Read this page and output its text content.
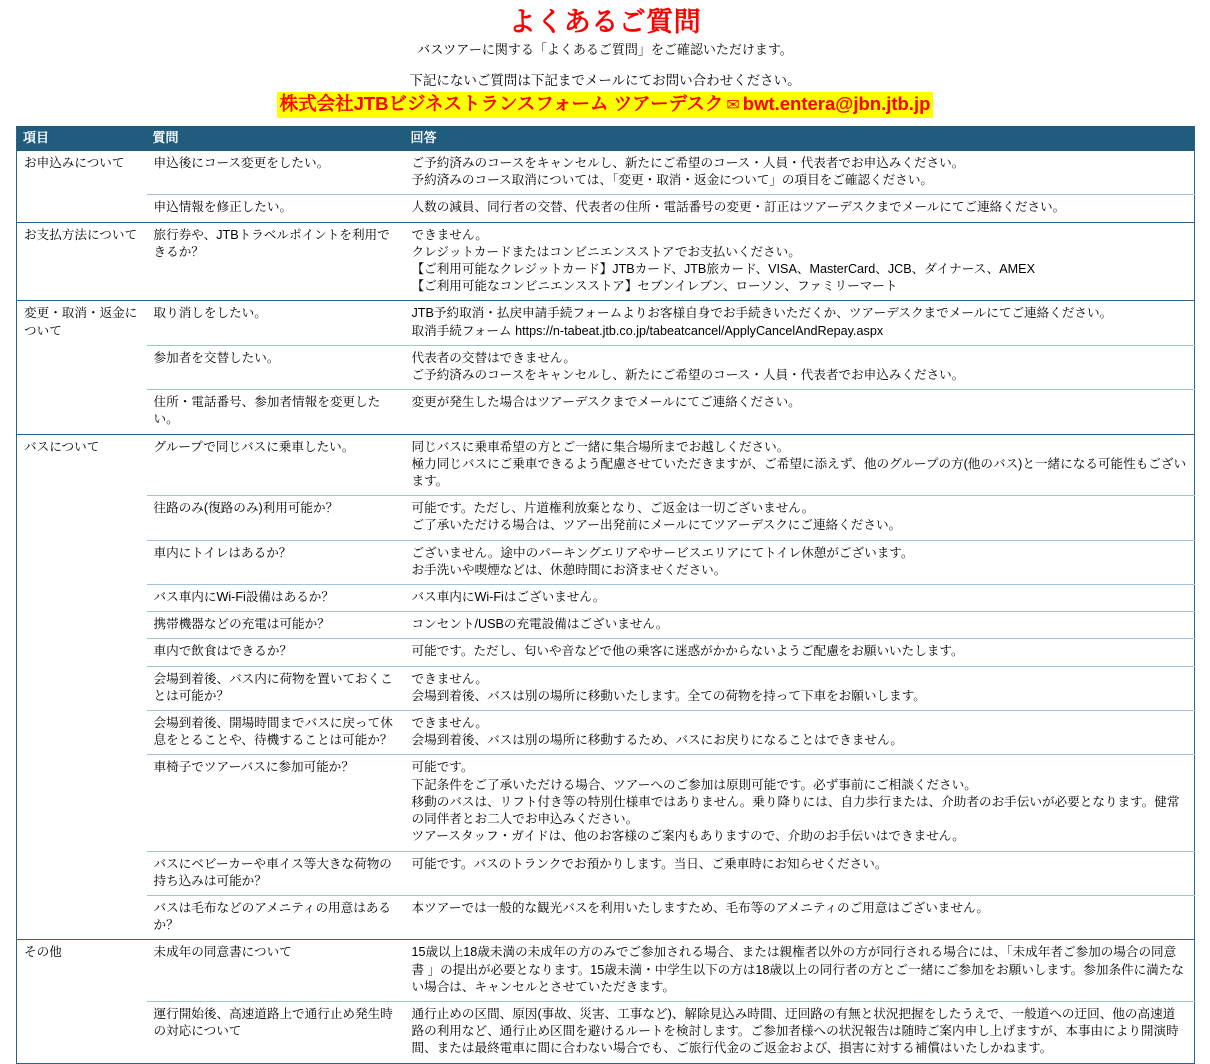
よくあるご質問
バスツアーに関する「よくあるご質問」をご確認いただけます。
下記にないご質問は下記までメールにてお問い合わせください。
株式会社JTBビジネストランスフォーム ツアーデスク ✉ bwt.entera@jbn.jtb.jp
項目	質問	回答
お申込みについて	申込後にコース変更をしたい。	ご予約済みのコースをキャンセルし、新たにご希望のコース・人員・代表者でお申込みください。
予約済みのコース取消については、「変更・取消・返金について」の項目をご確認ください。

	申込情報を修正したい。	人数の減員、同行者の交替、代表者の住所・電話番号の変更・訂正はツアーデスクまでメールにてご連絡ください。

お支払方法について	旅行券や、JTBトラベルポイントを利用できるか？	できません。
クレジットカードまたはコンビニエンスストアでお支払いください。
【ご利用可能なクレジットカード】JTBカード、JTB旅カード、VISA、MasterCard、JCB、ダイナース、AMEX
【ご利用可能なコンビニエンスストア】セブンイレブン、ローソン、ファミリーマート

変更・取消・返金について	取り消しをしたい。	JTB予約取消・払戻申請手続フォームよりお客様自身でお手続きいただくか、ツアーデスクまでメールにてご連絡ください。
取消手続フォーム https://n-tabeat.jtb.co.jp/tabeatcancel/ApplyCancelAndRepay.aspx

	参加者を交替したい。	代表者の交替はできません。
ご予約済みのコースをキャンセルし、新たにご希望のコース・人員・代表者でお申込みください。

	住所・電話番号、参加者情報を変更したい。	変更が発生した場合はツアーデスクまでメールにてご連絡ください。

バスについて	グループで同じバスに乗車したい。	同じバスに乗車希望の方とご一緒に集合場所までお越しください。
極力同じバスにご乗車できるよう配慮させていただきますが、ご希望に添えず、他のグループの方(他のバス)と一緒になる可能性もございます。

	往路のみ(復路のみ)利用可能か？	可能です。ただし、片道権利放棄となり、ご返金は一切ございません。
ご了承いただける場合は、ツアー出発前にメールにてツアーデスクにご連絡ください。

	車内にトイレはあるか？	ございません。途中のパーキングエリアやサービスエリアにてトイレ休憩がございます。
お手洗いや喫煙などは、休憩時間にお済ませください。

	バス車内にWi-Fi設備はあるか？	バス車内にWi-Fiはございません。

	携帯機器などの充電は可能か？	コンセント/USBの充電設備はございません。

	車内で飲食はできるか？	可能です。ただし、匂いや音などで他の乗客に迷惑がかからないようご配慮をお願いいたします。

	会場到着後、バス内に荷物を置いておくことは可能か？	できません。
会場到着後、バスは別の場所に移動いたします。全ての荷物を持って下車をお願いします。

	会場到着後、開場時間までバスに戻って休息をとることや、待機することは可能か？	できません。
会場到着後、バスは別の場所に移動するため、バスにお戻りになることはできません。

	車椅子でツアーバスに参加可能か？	可能です。
下記条件をご了承いただける場合、ツアーへのご参加は原則可能です。必ず事前にご相談ください。
移動のバスは、リフト付き等の特別仕様車ではありません。乗り降りには、自力歩行または、介助者のお手伝いが必要となります。健常の同伴者とお二人でお申込みください。
ツアースタッフ・ガイドは、他のお客様のご案内もありますので、介助のお手伝いはできません。

	バスにベビーカーや車イス等大きな荷物の持ち込みは可能か？	可能です。バスのトランクでお預かりします。当日、ご乗車時にお知らせください。

	バスは毛布などのアメニティの用意はあるか？	本ツアーでは一般的な観光バスを利用いたしますため、毛布等のアメニティのご用意はございません。

その他	未成年の同意書について	15歳以上18歳未満の未成年の方のみでご参加される場合、または親権者以外の方が同行される場合には、「未成年者ご参加の場合の同意書 」の提出が必要となります。15歳未満・中学生以下の方は18歳以上の同行者の方とご一緒にご参加をお願いします。参加条件に満たない場合は、キャンセルとさせていただきます。

	運行開始後、高速道路上で通行止め発生時の対応について	通行止めの区間、原因(事故、災害、工事など)、解除見込み時間、迂回路の有無と状況把握をしたうえで、一般道への迂回、他の高速道路の利用など、通行止め区間を避けるルートを検討します。ご参加者様への状況報告は随時ご案内申し上げますが、本事由により開演時間、または最終電車に間に合わない場合でも、ご旅行代金のご返金および、損害に対する補償はいたしかねます。
